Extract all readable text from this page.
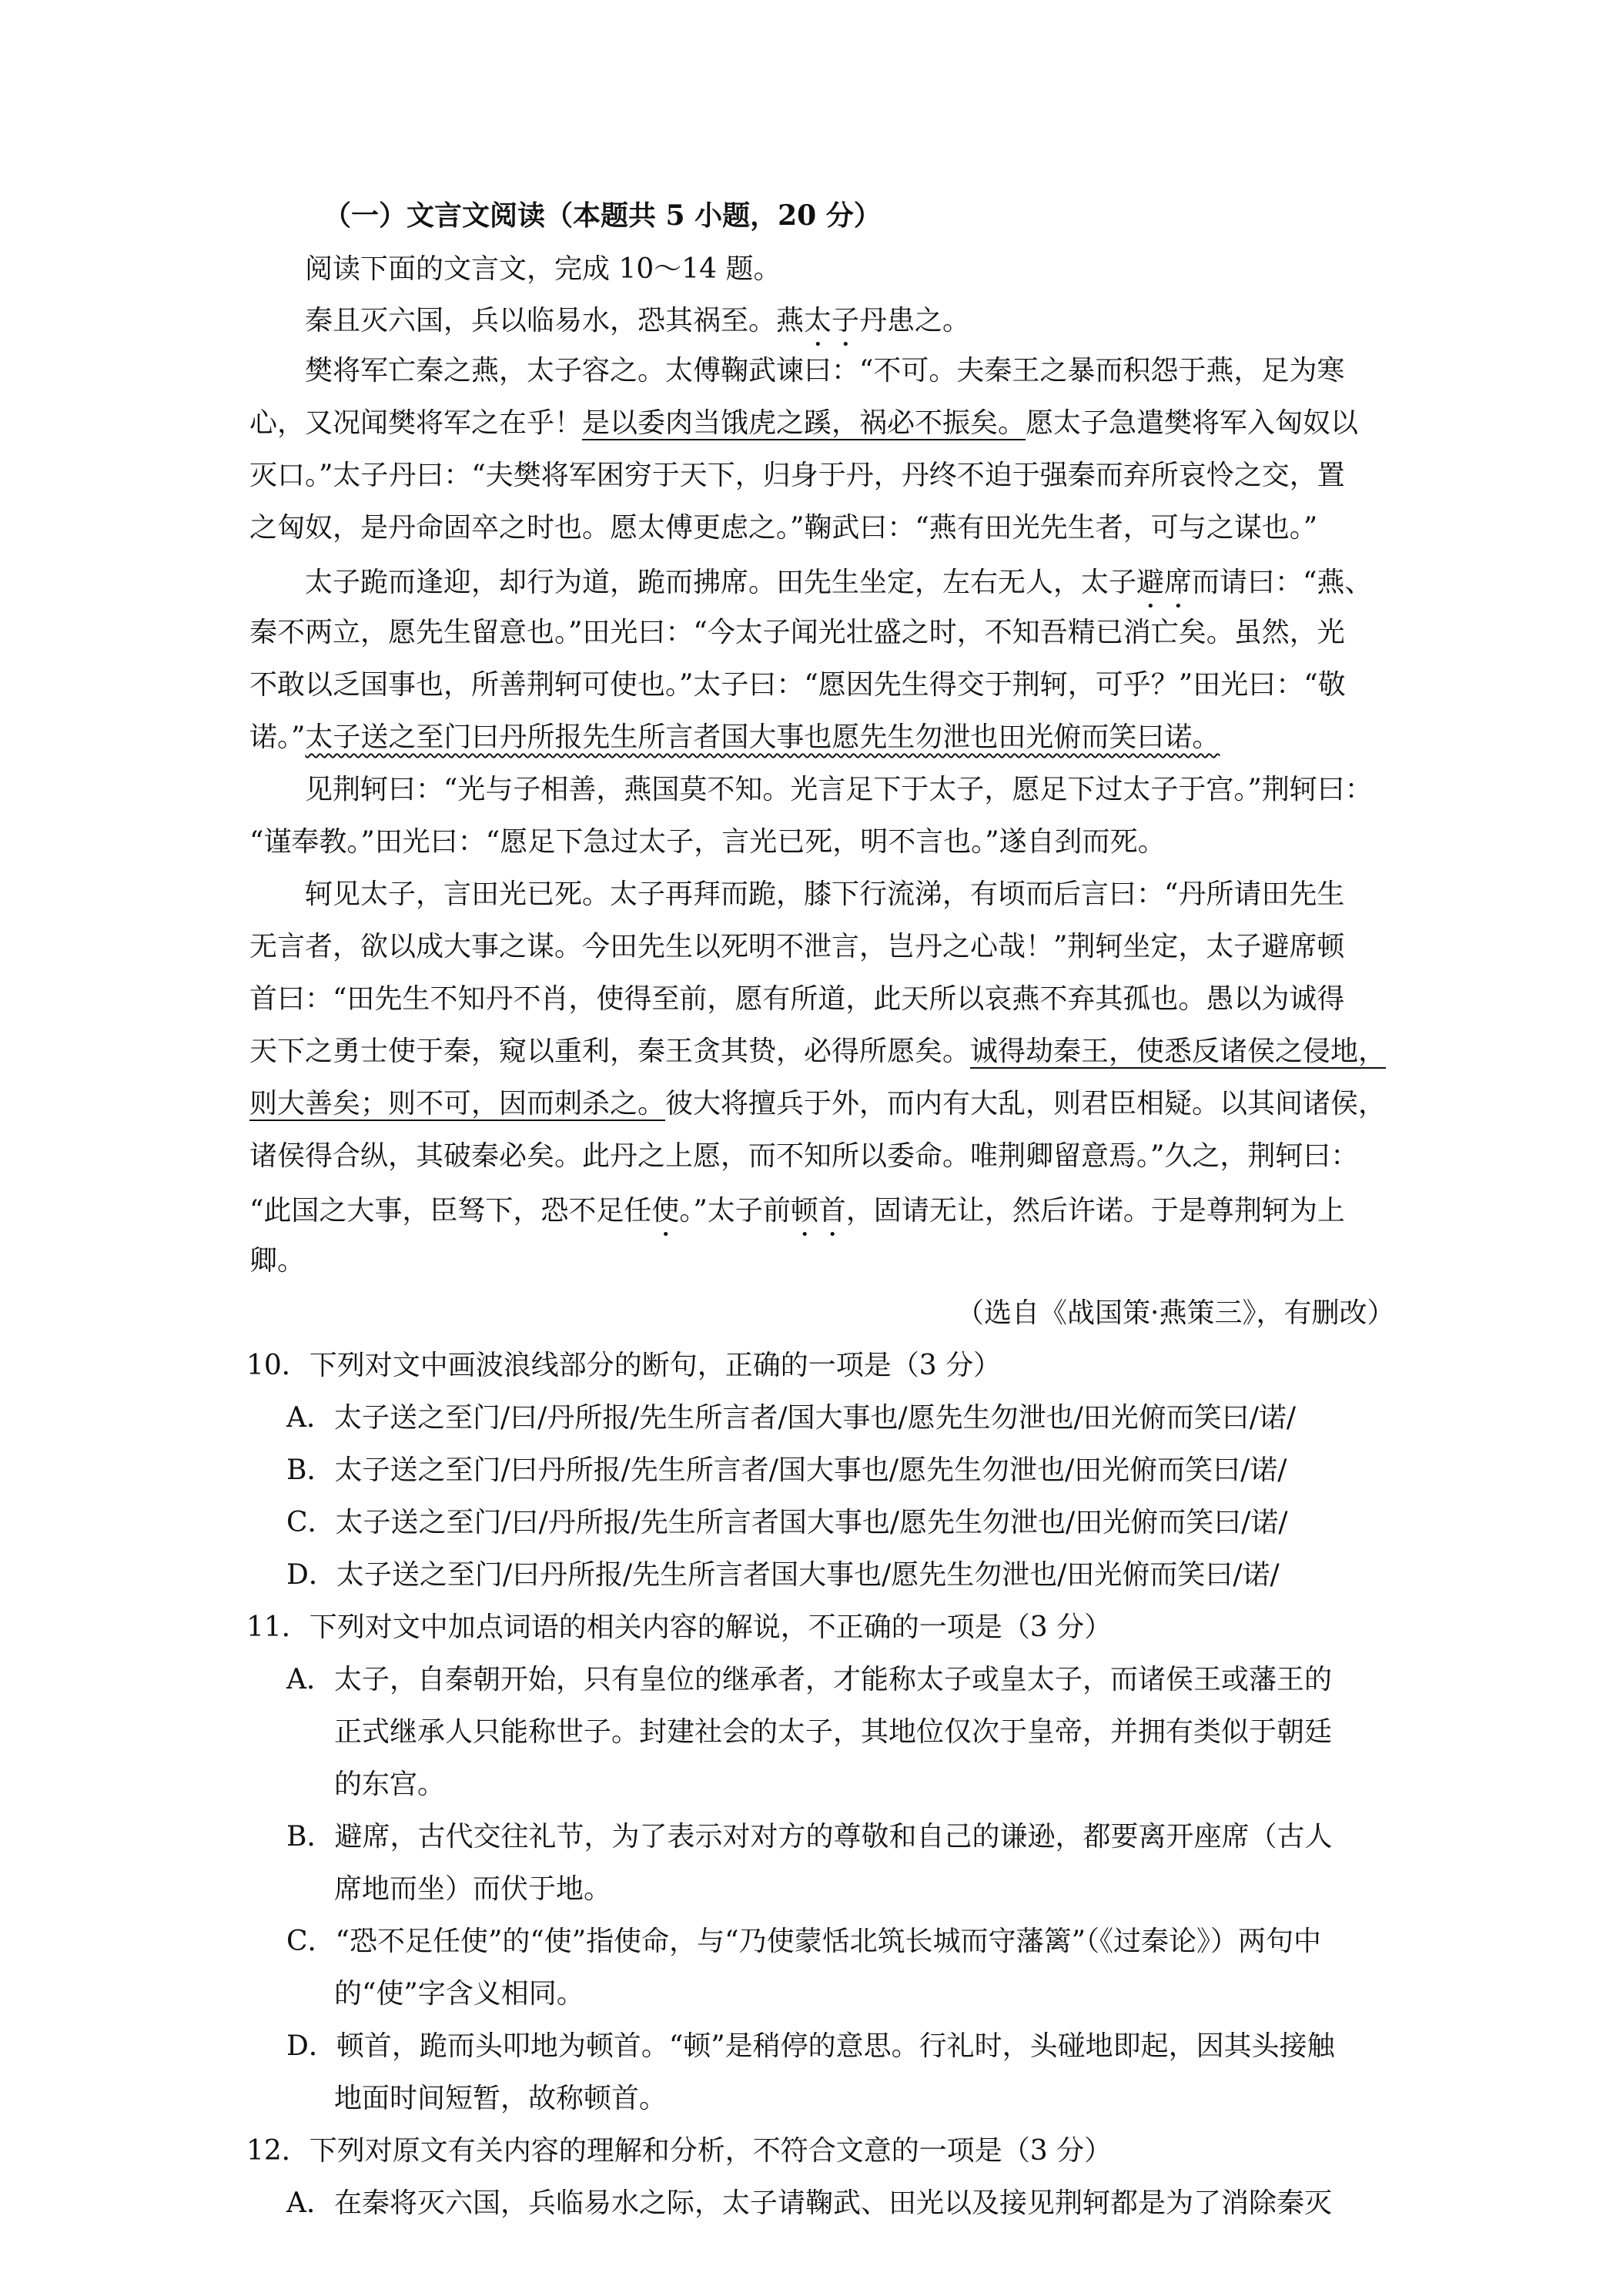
（一）文言文阅读（本题共 5 小题，20 分）
阅读下面的文言文，完成 10～14 题。
秦且灭六国，兵以临易水，恐其祸至。燕太子丹患之。
樊将军亡秦之燕，太子容之。太傅鞠武谏曰：“不可。夫秦王之暴而积怨于燕，足为寒
心，又况闻樊将军之在乎！是以委肉当饿虎之蹊，祸必不振矣。愿太子急遣樊将军入匈奴以
灭口。”太子丹曰：“夫樊将军困穷于天下，归身于丹，丹终不迫于强秦而弃所哀怜之交，置
之匈奴，是丹命固卒之时也。愿太傅更虑之。”鞠武曰：“燕有田光先生者，可与之谋也。”
太子跪而逢迎，却行为道，跪而拂席。田先生坐定，左右无人，太子避席而请曰：“燕、
秦不两立，愿先生留意也。”田光曰：“今太子闻光壮盛之时，不知吾精已消亡矣。虽然，光
不敢以乏国事也，所善荆轲可使也。”太子曰：“愿因先生得交于荆轲，可乎？”田光曰：“敬
诺。”太子送之至门曰丹所报先生所言者国大事也愿先生勿泄也田光俯而笑曰诺。
见荆轲曰：“光与子相善，燕国莫不知。光言足下于太子，愿足下过太子于宫。”荆轲曰：
“谨奉教。”田光曰：“愿足下急过太子，言光已死，明不言也。”遂自刭而死。
轲见太子，言田光已死。太子再拜而跪，膝下行流涕，有顷而后言曰：“丹所请田先生
无言者，欲以成大事之谋。今田先生以死明不泄言，岂丹之心哉！”荆轲坐定，太子避席顿
首曰：“田先生不知丹不肖，使得至前，愿有所道，此天所以哀燕不弃其孤也。愚以为诚得
天下之勇士使于秦，窥以重利，秦王贪其贽，必得所愿矣。诚得劫秦王，使悉反诸侯之侵地，
则大善矣；则不可，因而刺杀之。彼大将擅兵于外，而内有大乱，则君臣相疑。以其间诸侯，
诸侯得合纵，其破秦必矣。此丹之上愿，而不知所以委命。唯荆卿留意焉。”久之，荆轲曰：
“此国之大事，臣驽下，恐不足任使。”太子前顿首，固请无让，然后许诺。于是尊荆轲为上
卿。
（选自《战国策·燕策三》，有删改）
10．下列对文中画波浪线部分的断句，正确的一项是（3 分）
A．太子送之至门/曰/丹所报/先生所言者/国大事也/愿先生勿泄也/田光俯而笑曰/诺/
B．太子送之至门/曰丹所报/先生所言者/国大事也/愿先生勿泄也/田光俯而笑曰/诺/
C．太子送之至门/曰/丹所报/先生所言者国大事也/愿先生勿泄也/田光俯而笑曰/诺/
D．太子送之至门/曰丹所报/先生所言者国大事也/愿先生勿泄也/田光俯而笑曰/诺/
11．下列对文中加点词语的相关内容的解说，不正确的一项是（3 分）
A．太子，自秦朝开始，只有皇位的继承者，才能称太子或皇太子，而诸侯王或藩王的
正式继承人只能称世子。封建社会的太子，其地位仅次于皇帝，并拥有类似于朝廷
的东宫。
B．避席，古代交往礼节，为了表示对对方的尊敬和自己的谦逊，都要离开座席（古人
席地而坐）而伏于地。
C．“恐不足任使”的“使”指使命，与“乃使蒙恬北筑长城而守藩篱”（《过秦论》）两句中
的“使”字含义相同。
D．顿首，跪而头叩地为顿首。“顿”是稍停的意思。行礼时，头碰地即起，因其头接触
地面时间短暂，故称顿首。
12．下列对原文有关内容的理解和分析，不符合文意的一项是（3 分）
A．在秦将灭六国，兵临易水之际，太子请鞠武、田光以及接见荆轲都是为了消除秦灭
